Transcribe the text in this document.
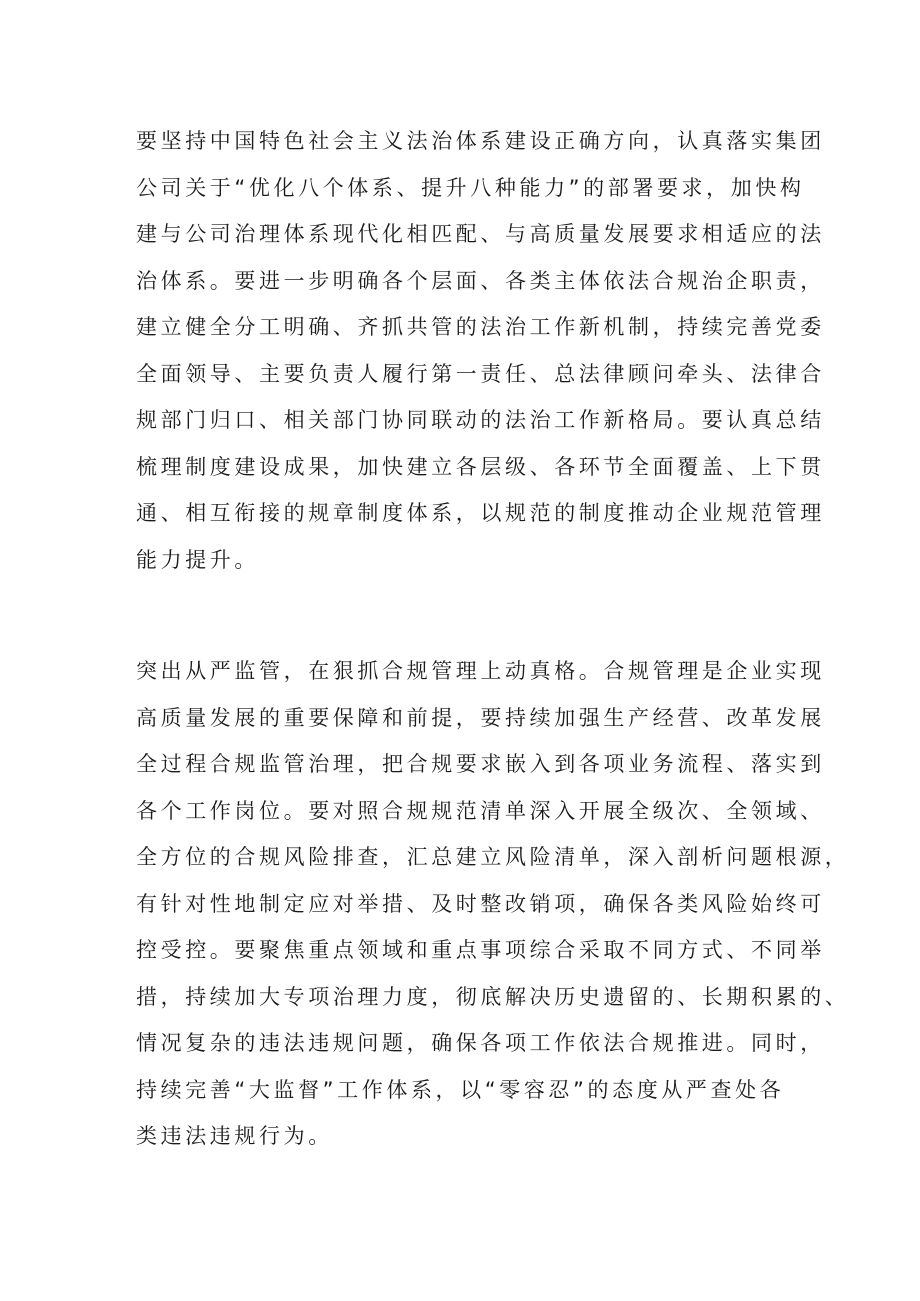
要坚持中国特色社会主义法治体系建设正确方向，认真落实集团
公司关于“优化八个体系、提升八种能力”的部署要求，加快构
建与公司治理体系现代化相匹配、与高质量发展要求相适应的法
治体系。要进一步明确各个层面、各类主体依法合规治企职责，
建立健全分工明确、齐抓共管的法治工作新机制，持续完善党委
全面领导、主要负责人履行第一责任、总法律顾问牵头、法律合
规部门归口、相关部门协同联动的法治工作新格局。要认真总结
梳理制度建设成果，加快建立各层级、各环节全面覆盖、上下贯
通、相互衔接的规章制度体系，以规范的制度推动企业规范管理
能力提升。
突出从严监管，在狠抓合规管理上动真格。合规管理是企业实现
高质量发展的重要保障和前提，要持续加强生产经营、改革发展
全过程合规监管治理，把合规要求嵌入到各项业务流程、落实到
各个工作岗位。要对照合规规范清单深入开展全级次、全领域、
全方位的合规风险排查，汇总建立风险清单，深入剖析问题根源，
有针对性地制定应对举措、及时整改销项，确保各类风险始终可
控受控。要聚焦重点领域和重点事项综合采取不同方式、不同举
措，持续加大专项治理力度，彻底解决历史遗留的、长期积累的、
情况复杂的违法违规问题，确保各项工作依法合规推进。同时，
持续完善“大监督”工作体系，以“零容忍”的态度从严查处各
类违法违规行为。
